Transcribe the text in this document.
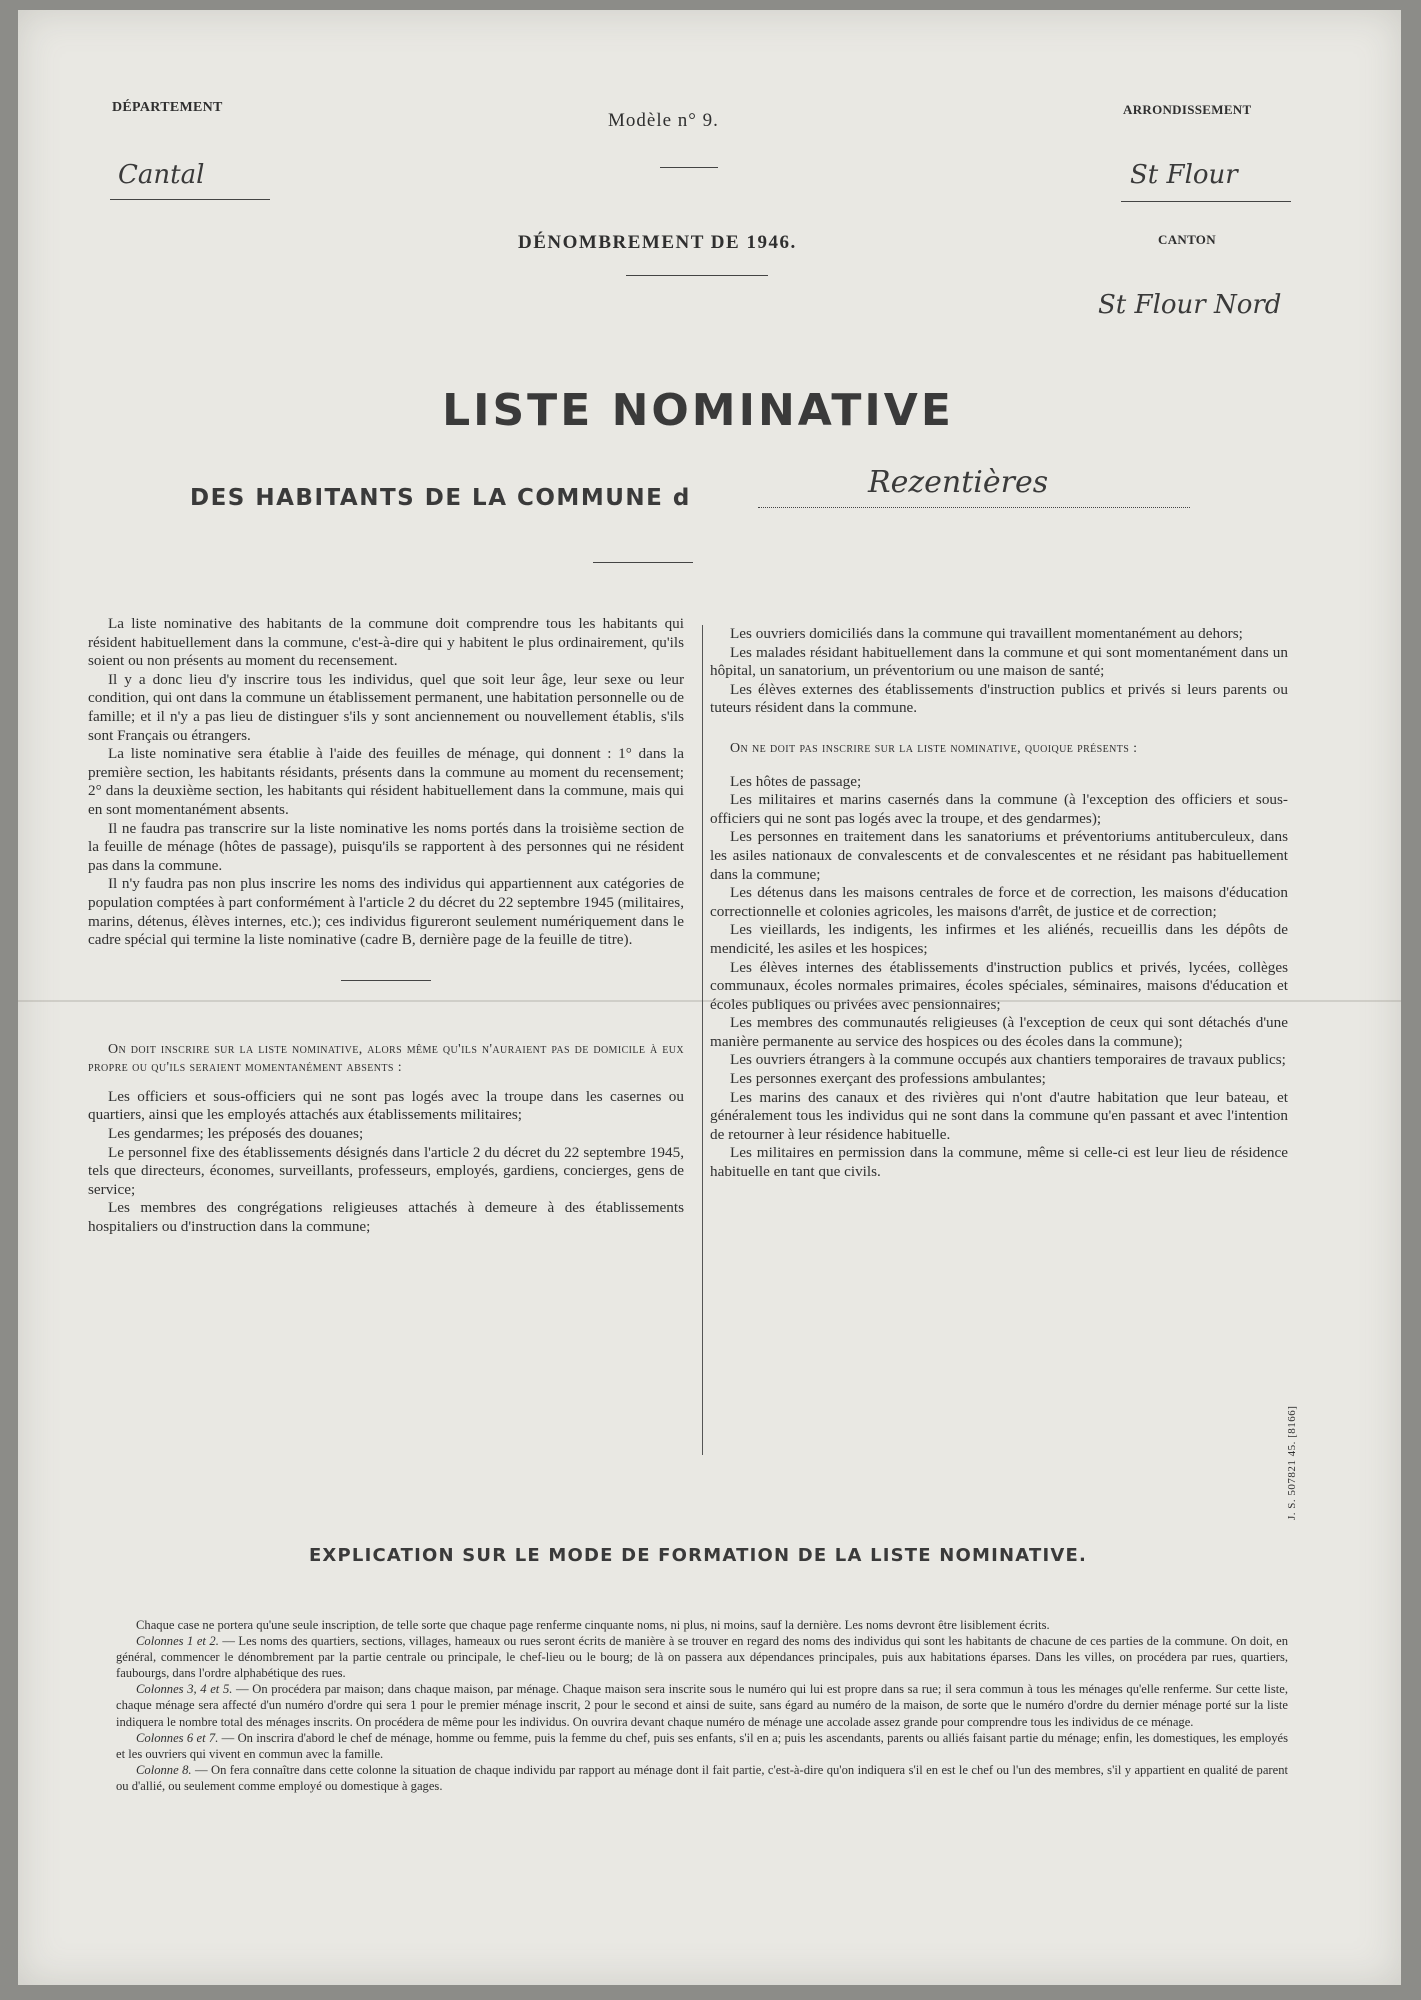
DÉPARTEMENT
Cantal
Modèle n° 9.
ARRONDISSEMENT
St Flour
DÉNOMBREMENT DE 1946.	CANTON
St Flour Nord
LISTE NOMINATIVE
DES HABITANTS DE LA COMMUNE d	Rezentières

La liste nominative des habitants de la commune doit comprendre tous les habitants qui résident habituellement dans la commune, c'est-à-dire qui y habitent le plus ordinairement, qu'ils soient ou non présents au moment du recensement.

Il y a donc lieu d'y inscrire tous les individus, quel que soit leur âge, leur sexe ou leur condition, qui ont dans la commune un établissement permanent, une habitation personnelle ou de famille; et il n'y a pas lieu de distinguer s'ils y sont anciennement ou nouvellement établis, s'ils sont Français ou étrangers.

La liste nominative sera établie à l'aide des feuilles de ménage, qui donnent : 1° dans la première section, les habitants résidants, présents dans la commune au moment du recensement; 2° dans la deuxième section, les habitants qui résident habituellement dans la commune, mais qui en sont momentanément absents.

Il ne faudra pas transcrire sur la liste nominative les noms portés dans la troisième section de la feuille de ménage (hôtes de passage), puisqu'ils se rapportent à des personnes qui ne résident pas dans la commune.

Il n'y faudra pas non plus inscrire les noms des individus qui appartiennent aux catégories de population comptées à part conformément à l'article 2 du décret du 22 septembre 1945 (militaires, marins, détenus, élèves internes, etc.); ces individus figureront seulement numériquement dans le cadre spécial qui termine la liste nominative (cadre B, dernière page de la feuille de titre).

On doit inscrire sur la liste nominative, alors même qu'ils n'auraient pas de domicile à eux propre ou qu'ils seraient momentanément absents :

Les officiers et sous-officiers qui ne sont pas logés avec la troupe dans les casernes ou quartiers, ainsi que les employés attachés aux établissements militaires;

Les gendarmes; les préposés des douanes;

Le personnel fixe des établissements désignés dans l'article 2 du décret du 22 septembre 1945, tels que directeurs, économes, surveillants, professeurs, employés, gardiens, concierges, gens de service;

Les membres des congrégations religieuses attachés à demeure à des établissements hospitaliers ou d'instruction dans la commune;

Les ouvriers domiciliés dans la commune qui travaillent momentanément au dehors;

Les malades résidant habituellement dans la commune et qui sont momentanément dans un hôpital, un sanatorium, un préventorium ou une maison de santé;

Les élèves externes des établissements d'instruction publics et privés si leurs parents ou tuteurs résident dans la commune.

On ne doit pas inscrire sur la liste nominative, quoique présents :

Les hôtes de passage;

Les militaires et marins casernés dans la commune (à l'exception des officiers et sous-officiers qui ne sont pas logés avec la troupe, et des gendarmes);

Les personnes en traitement dans les sanatoriums et préventoriums antituberculeux, dans les asiles nationaux de convalescents et de convalescentes et ne résidant pas habituellement dans la commune;

Les détenus dans les maisons centrales de force et de correction, les maisons d'éducation correctionnelle et colonies agricoles, les maisons d'arrêt, de justice et de correction;

Les vieillards, les indigents, les infirmes et les aliénés, recueillis dans les dépôts de mendicité, les asiles et les hospices;

Les élèves internes des établissements d'instruction publics et privés, lycées, collèges communaux, écoles normales primaires, écoles spéciales, séminaires, maisons d'éducation et écoles publiques ou privées avec pensionnaires;

Les membres des communautés religieuses (à l'exception de ceux qui sont détachés d'une manière permanente au service des hospices ou des écoles dans la commune);

Les ouvriers étrangers à la commune occupés aux chantiers temporaires de travaux publics;

Les personnes exerçant des professions ambulantes;

Les marins des canaux et des rivières qui n'ont d'autre habitation que leur bateau, et généralement tous les individus qui ne sont dans la commune qu'en passant et avec l'intention de retourner à leur résidence habituelle.

Les militaires en permission dans la commune, même si celle-ci est leur lieu de résidence habituelle en tant que civils.

EXPLICATION SUR LE MODE DE FORMATION DE LA LISTE NOMINATIVE.

Chaque case ne portera qu'une seule inscription, de telle sorte que chaque page renferme cinquante noms, ni plus, ni moins, sauf la dernière. Les noms devront être lisiblement écrits.

Colonnes 1 et 2. — Les noms des quartiers, sections, villages, hameaux ou rues seront écrits de manière à se trouver en regard des noms des individus qui sont les habitants de chacune de ces parties de la commune. On doit, en général, commencer le dénombrement par la partie centrale ou principale, le chef-lieu ou le bourg; de là on passera aux dépendances principales, puis aux habitations éparses. Dans les villes, on procédera par rues, quartiers, faubourgs, dans l'ordre alphabétique des rues.

Colonnes 3, 4 et 5. — On procédera par maison; dans chaque maison, par ménage. Chaque maison sera inscrite sous le numéro qui lui est propre dans sa rue; il sera commun à tous les ménages qu'elle renferme. Sur cette liste, chaque ménage sera affecté d'un numéro d'ordre qui sera 1 pour le premier ménage inscrit, 2 pour le second et ainsi de suite, sans égard au numéro de la maison, de sorte que le numéro d'ordre du dernier ménage porté sur la liste indiquera le nombre total des ménages inscrits. On procédera de même pour les individus. On ouvrira devant chaque numéro de ménage une accolade assez grande pour comprendre tous les individus de ce ménage.

Colonnes 6 et 7. — On inscrira d'abord le chef de ménage, homme ou femme, puis la femme du chef, puis ses enfants, s'il en a; puis les ascendants, parents ou alliés faisant partie du ménage; enfin, les domestiques, les employés et les ouvriers qui vivent en commun avec la famille.

Colonne 8. — On fera connaître dans cette colonne la situation de chaque individu par rapport au ménage dont il fait partie, c'est-à-dire qu'on indiquera s'il en est le chef ou l'un des membres, s'il y appartient en qualité de parent ou d'allié, ou seulement comme employé ou domestique à gages.

J. S. 507821 45. [8166]
